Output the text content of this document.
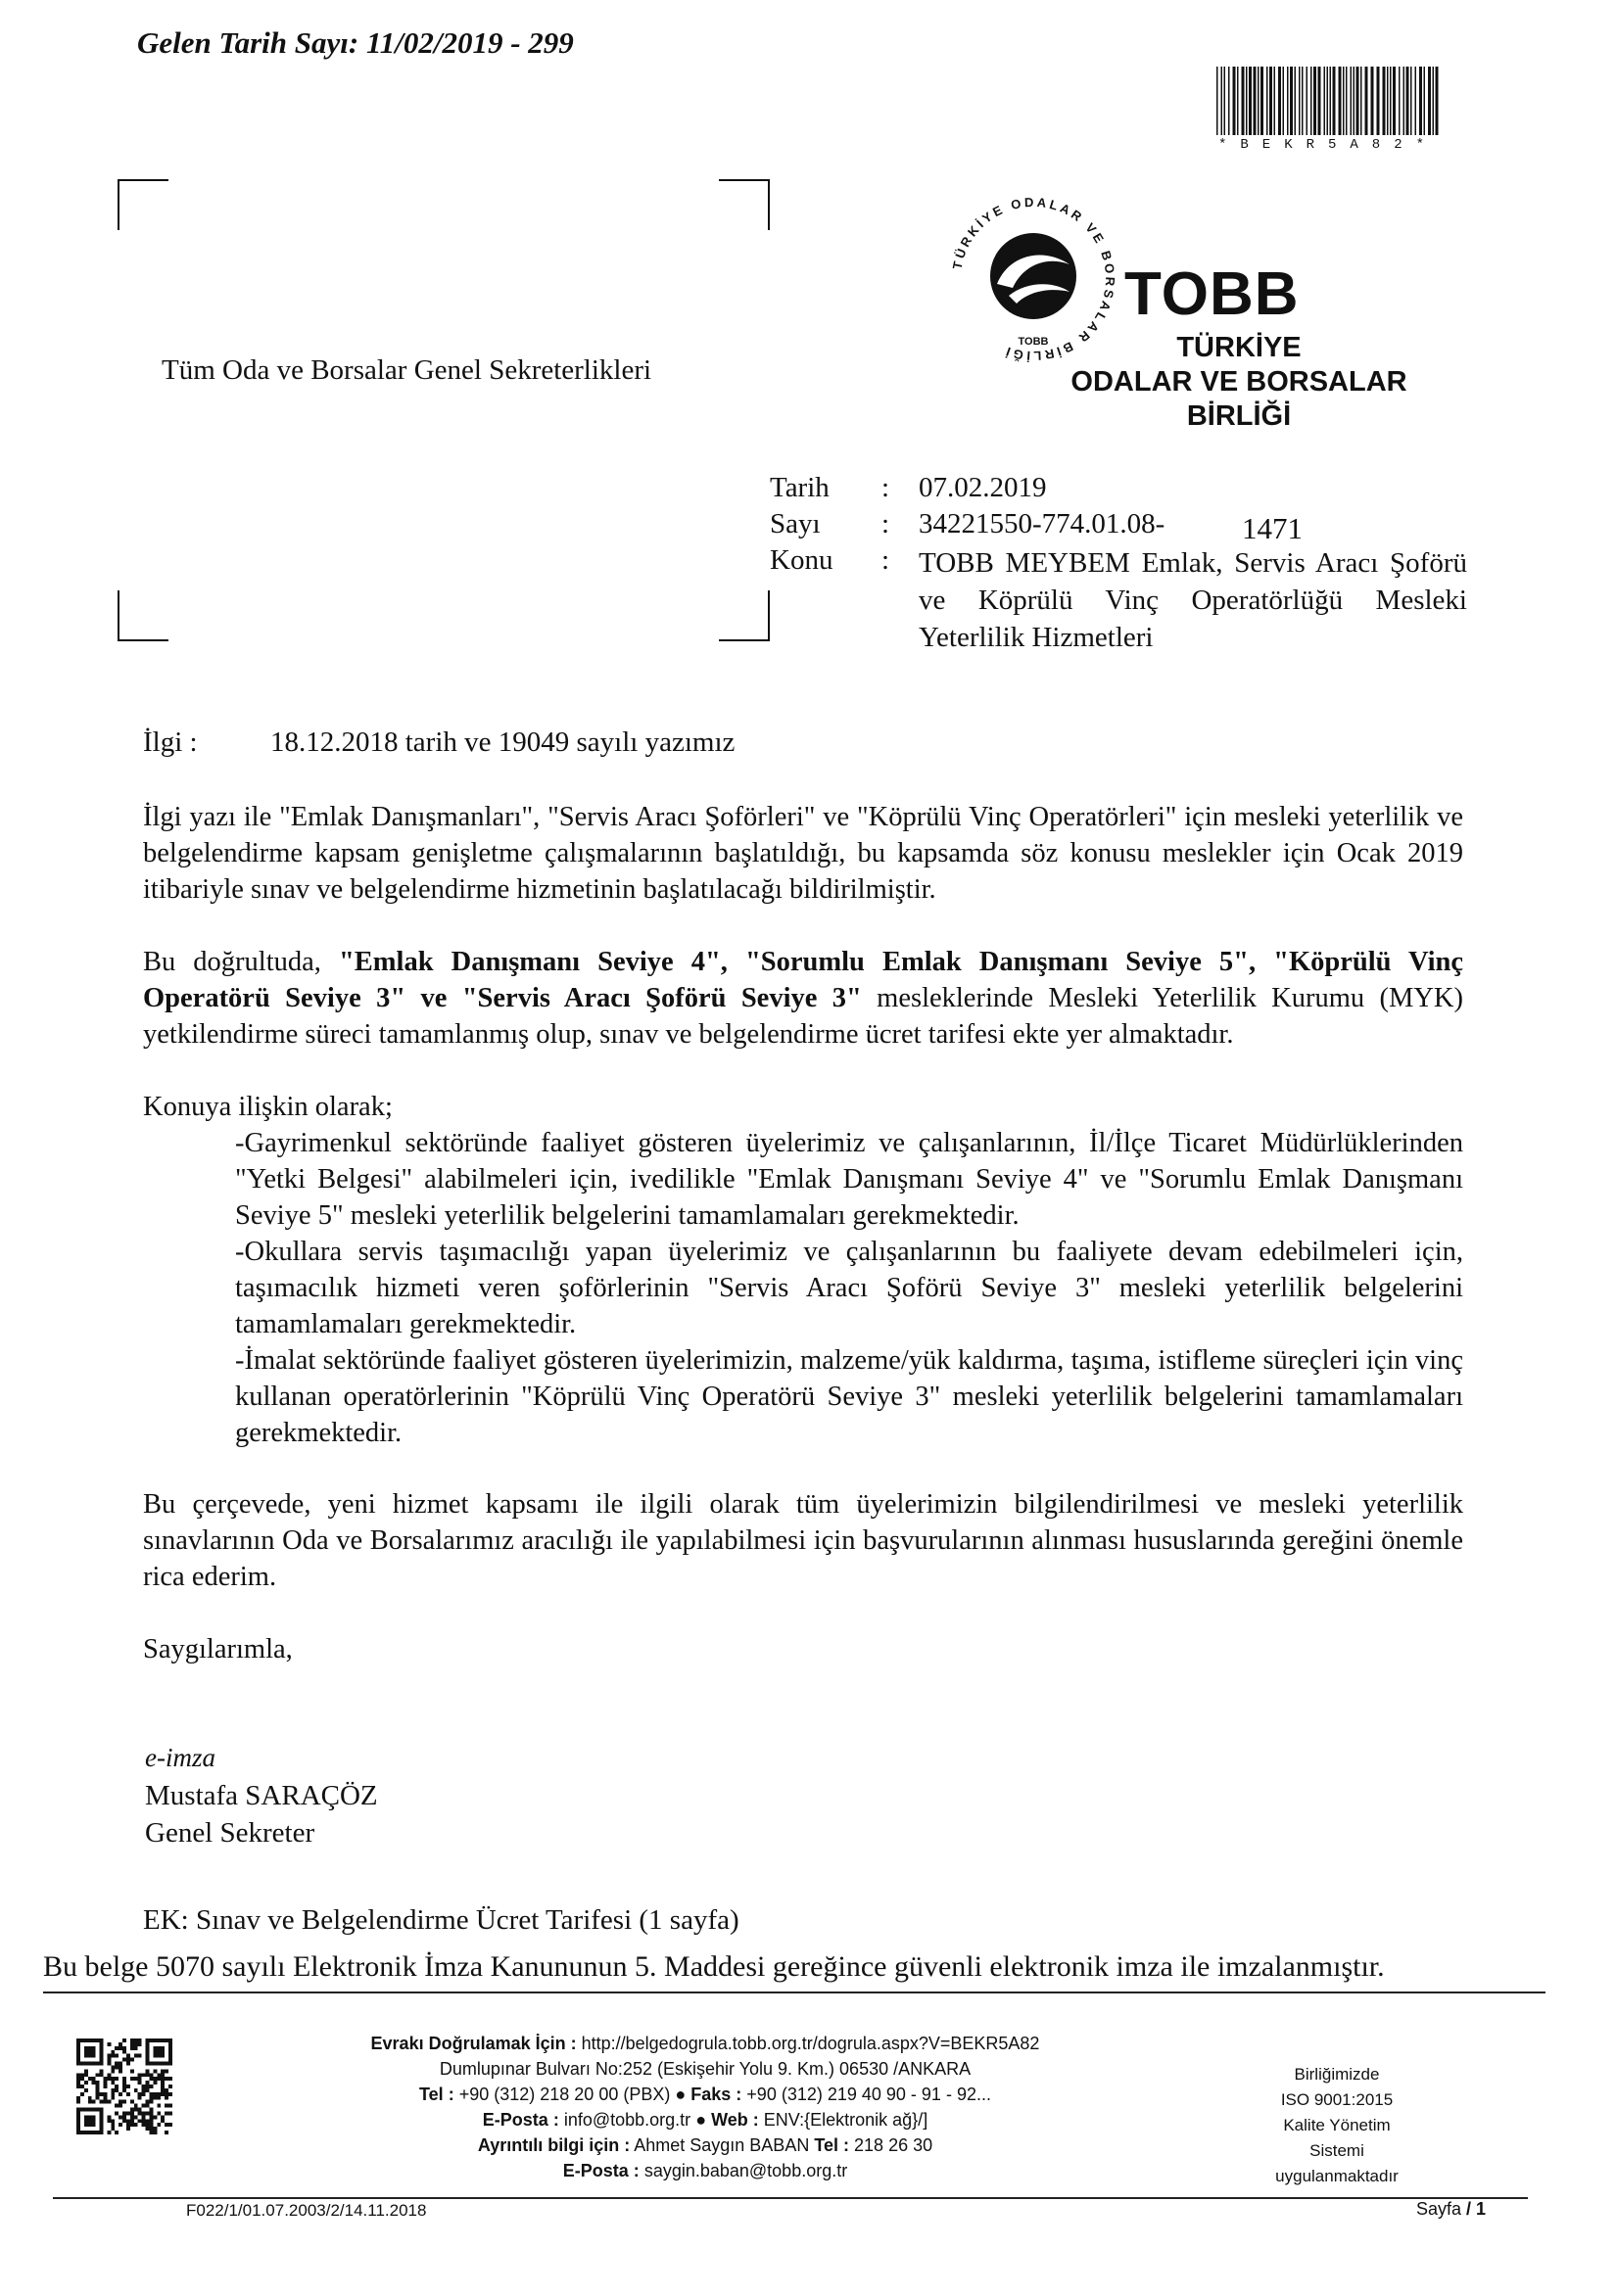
Gelen Tarih Sayı: 11/02/2019 - 299
*BEKR5A82*
Tüm Oda ve Borsalar Genel Sekreterlikleri
TÜRKİYE ODALAR VE BORSALAR BİRLİĞİ
TOBB
TOBB
TÜRKİYE
ODALAR VE BORSALAR
BİRLİĞİ
Tarih : 07.02.2019
Sayı : 34221550-774.01.08-	1471
Konu : TOBB MEYBEM Emlak, Servis Aracı Şoförü ve Köprülü Vinç Operatörlüğü Mesleki Yeterlilik Hizmetleri
İlgi :	18.12.2018 tarih ve 19049 sayılı yazımız
İlgi yazı ile "Emlak Danışmanları", "Servis Aracı Şoförleri" ve "Köprülü Vinç Operatörleri" için mesleki yeterlilik ve belgelendirme kapsam genişletme çalışmalarının başlatıldığı, bu kapsamda söz konusu meslekler için Ocak 2019 itibariyle sınav ve belgelendirme hizmetinin başlatılacağı bildirilmiştir.
Bu doğrultuda, "Emlak Danışmanı Seviye 4", "Sorumlu Emlak Danışmanı Seviye 5", "Köprülü Vinç Operatörü Seviye 3" ve "Servis Aracı Şoförü Seviye 3" mesleklerinde Mesleki Yeterlilik Kurumu (MYK) yetkilendirme süreci tamamlanmış olup, sınav ve belgelendirme ücret tarifesi ekte yer almaktadır.
Konuya ilişkin olarak;
-Gayrimenkul sektöründe faaliyet gösteren üyelerimiz ve çalışanlarının, İl/İlçe Ticaret Müdürlüklerinden "Yetki Belgesi" alabilmeleri için, ivedilikle "Emlak Danışmanı Seviye 4" ve "Sorumlu Emlak Danışmanı Seviye 5" mesleki yeterlilik belgelerini tamamlamaları gerekmektedir.
-Okullara servis taşımacılığı yapan üyelerimiz ve çalışanlarının bu faaliyete devam edebilmeleri için, taşımacılık hizmeti veren şoförlerinin "Servis Aracı Şoförü Seviye 3" mesleki yeterlilik belgelerini tamamlamaları gerekmektedir.
-İmalat sektöründe faaliyet gösteren üyelerimizin, malzeme/yük kaldırma, taşıma, istifleme süreçleri için vinç kullanan operatörlerinin "Köprülü Vinç Operatörü Seviye 3" mesleki yeterlilik belgelerini tamamlamaları gerekmektedir.
Bu çerçevede, yeni hizmet kapsamı ile ilgili olarak tüm üyelerimizin bilgilendirilmesi ve mesleki yeterlilik sınavlarının Oda ve Borsalarımız aracılığı ile yapılabilmesi için başvurularının alınması hususlarında gereğini önemle rica ederim.
Saygılarımla,
e-imza
Mustafa SARAÇÖZ
Genel Sekreter
EK: Sınav ve Belgelendirme Ücret Tarifesi (1 sayfa)
Bu belge 5070 sayılı Elektronik İmza Kanununun 5. Maddesi gereğince güvenli elektronik imza ile imzalanmıştır.
Evrakı Doğrulamak İçin : http://belgedogrula.tobb.org.tr/dogrula.aspx?V=BEKR5A82
Dumlupınar Bulvarı No:252 (Eskişehir Yolu 9. Km.) 06530 /ANKARA
Tel : +90 (312) 218 20 00 (PBX) ● Faks : +90 (312) 219 40 90 - 91 - 92...
E-Posta : info@tobb.org.tr ● Web : ENV:{Elektronik ağ}/]
Ayrıntılı bilgi için : Ahmet Saygın BABAN Tel : 218 26 30
E-Posta : saygin.baban@tobb.org.tr
Birliğimizde
ISO 9001:2015
Kalite Yönetim
Sistemi
uygulanmaktadır
F022/1/01.07.2003/2/14.11.2018	Sayfa / 1
